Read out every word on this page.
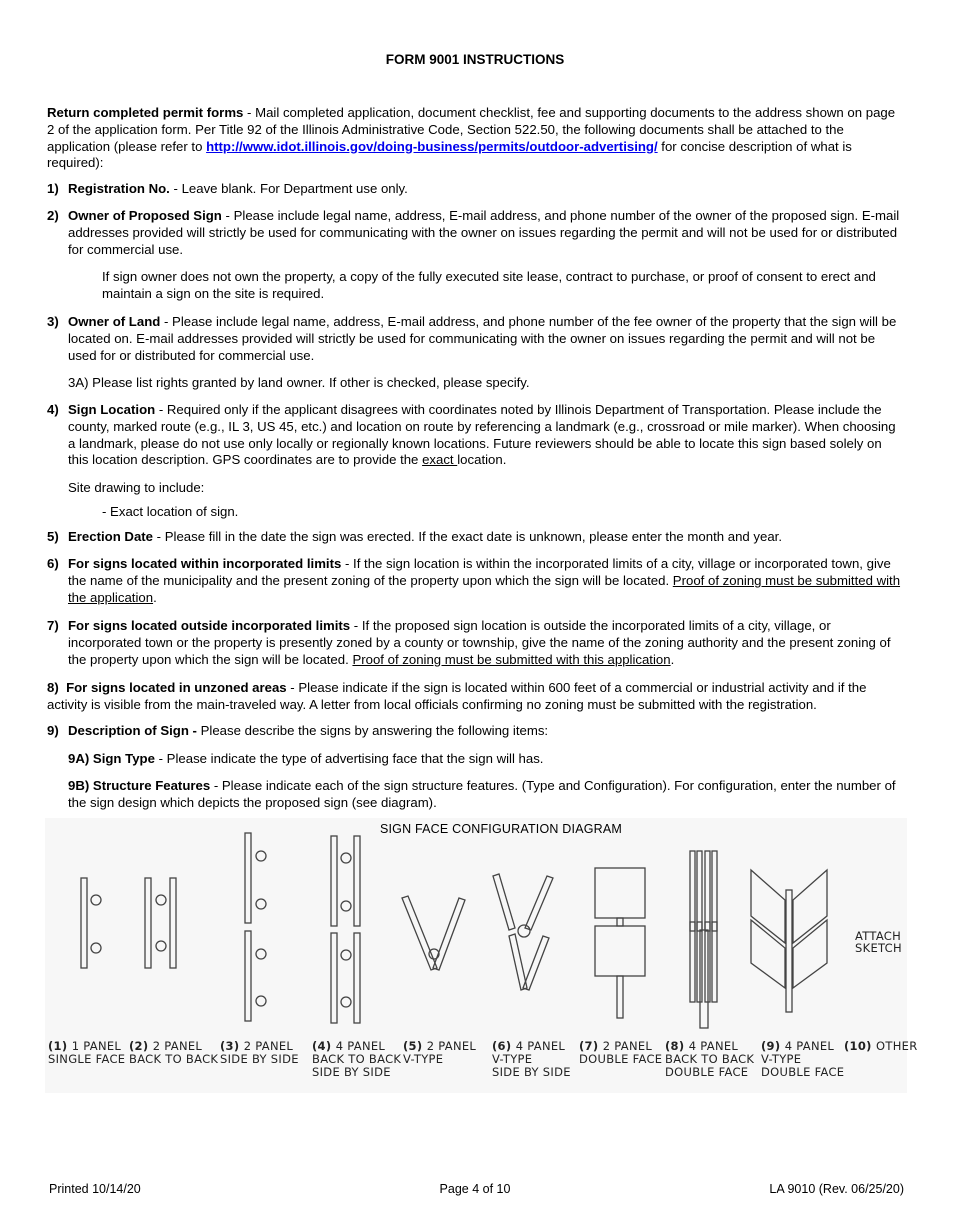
FORM 9001 INSTRUCTIONS
Return completed permit forms - Mail completed application, document checklist, fee and supporting documents to the address shown on page 2 of the application form. Per Title 92 of the Illinois Administrative Code, Section 522.50, the following documents shall be attached to the application (please refer to http://www.idot.illinois.gov/doing-business/permits/outdoor-advertising/ for concise description of what is required):
1) Registration No. - Leave blank. For Department use only.
2) Owner of Proposed Sign - Please include legal name, address, E-mail address, and phone number of the owner of the proposed sign. E-mail addresses provided will strictly be used for communicating with the owner on issues regarding the permit and will not be used for or distributed for commercial use.
If sign owner does not own the property, a copy of the fully executed site lease, contract to purchase, or proof of consent to erect and maintain a sign on the site is required.
3) Owner of Land - Please include legal name, address, E-mail address, and phone number of the fee owner of the property that the sign will be located on. E-mail addresses provided will strictly be used for communicating with the owner on issues regarding the permit and will not be used for or distributed for commercial use.
3A) Please list rights granted by land owner. If other is checked, please specify.
4) Sign Location - Required only if the applicant disagrees with coordinates noted by Illinois Department of Transportation. Please include the county, marked route (e.g., IL 3, US 45, etc.) and location on route by referencing a landmark (e.g., crossroad or mile marker). When choosing a landmark, please do not use only locally or regionally known locations. Future reviewers should be able to locate this sign based solely on this location description. GPS coordinates are to provide the exact location.
Site drawing to include:
- Exact location of sign.
5) Erection Date - Please fill in the date the sign was erected. If the exact date is unknown, please enter the month and year.
6) For signs located within incorporated limits - If the sign location is within the incorporated limits of a city, village or incorporated town, give the name of the municipality and the present zoning of the property upon which the sign will be located. Proof of zoning must be submitted with the application.
7) For signs located outside incorporated limits - If the proposed sign location is outside the incorporated limits of a city, village, or incorporated town or the property is presently zoned by a county or township, give the name of the zoning authority and the present zoning of the property upon which the sign will be located. Proof of zoning must be submitted with this application.
8) For signs located in unzoned areas - Please indicate if the sign is located within 600 feet of a commercial or industrial activity and if the activity is visible from the main-traveled way. A letter from local officials confirming no zoning must be submitted with the registration.
9) Description of Sign - Please describe the signs by answering the following items:
9A) Sign Type - Please indicate the type of advertising face that the sign will has.
9B) Structure Features - Please indicate each of the sign structure features. (Type and Configuration). For configuration, enter the number of the sign design which depicts the proposed sign (see diagram).
SIGN FACE CONFIGURATION DIAGRAM
ATTACH
SKETCH
(1) 1 PANEL
SINGLE FACE
(2) 2 PANEL
BACK TO BACK
(3) 2 PANEL
SIDE BY SIDE
(4) 4 PANEL
BACK TO BACK
SIDE BY SIDE
(5) 2 PANEL
V-TYPE
(6) 4 PANEL
V-TYPE
SIDE BY SIDE
(7) 2 PANEL
DOUBLE FACE
(8) 4 PANEL
BACK TO BACK
DOUBLE FACE
(9) 4 PANEL
V-TYPE
DOUBLE FACE
(10) OTHER
Printed 10/14/20	Page 4 of 10	LA 9010 (Rev. 06/25/20)
